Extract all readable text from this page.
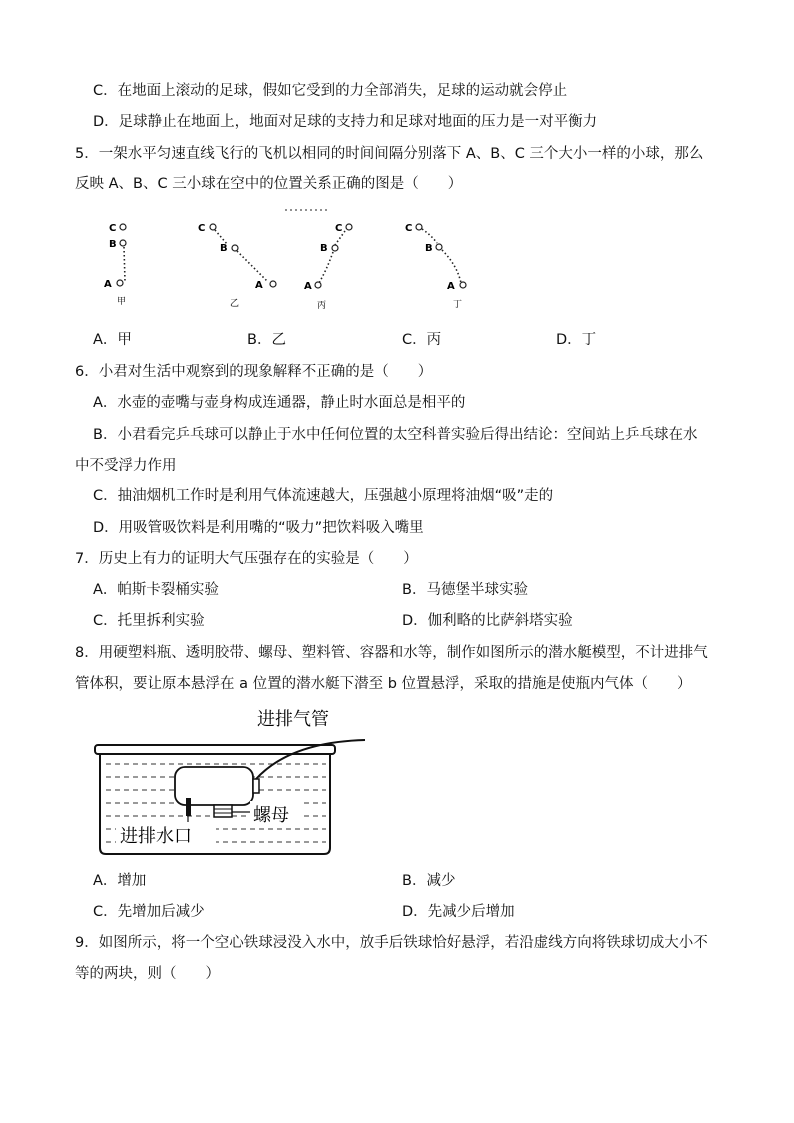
C．在地面上滚动的足球，假如它受到的力全部消失，足球的运动就会停止
D．足球静止在地面上，地面对足球的支持力和足球对地面的压力是一对平衡力
5．一架水平匀速直线飞行的飞机以相同的时间间隔分别落下 A、B、C 三个大小一样的小球，那么
反映 A、B、C 三小球在空中的位置关系正确的图是（　　）
C
B
A
甲
C
B
A
乙
C
B
A
丙
C
B
A
丁
A．甲	B．乙	C．丙	D．丁
6．小君对生活中观察到的现象解释不正确的是（　　）
A．水壶的壶嘴与壶身构成连通器，静止时水面总是相平的
B．小君看完乒乓球可以静止于水中任何位置的太空科普实验后得出结论：空间站上乒乓球在水
中不受浮力作用
C．抽油烟机工作时是利用气体流速越大，压强越小原理将油烟“吸”走的
D．用吸管吸饮料是利用嘴的“吸力”把饮料吸入嘴里
7．历史上有力的证明大气压强存在的实验是（　　）
A．帕斯卡裂桶实验	B．马德堡半球实验
C．托里拆利实验	D．伽利略的比萨斜塔实验
8．用硬塑料瓶、透明胶带、螺母、塑料管、容器和水等，制作如图所示的潜水艇模型，不计进排气
管体积，要让原本悬浮在 a 位置的潜水艇下潜至 b 位置悬浮，采取的措施是使瓶内气体（　　）
进排气管
螺母
进排水口
A．增加	B．减少
C．先增加后减少	D．先减少后增加
9．如图所示，将一个空心铁球浸没入水中，放手后铁球恰好悬浮，若沿虚线方向将铁球切成大小不
等的两块，则（　　）
